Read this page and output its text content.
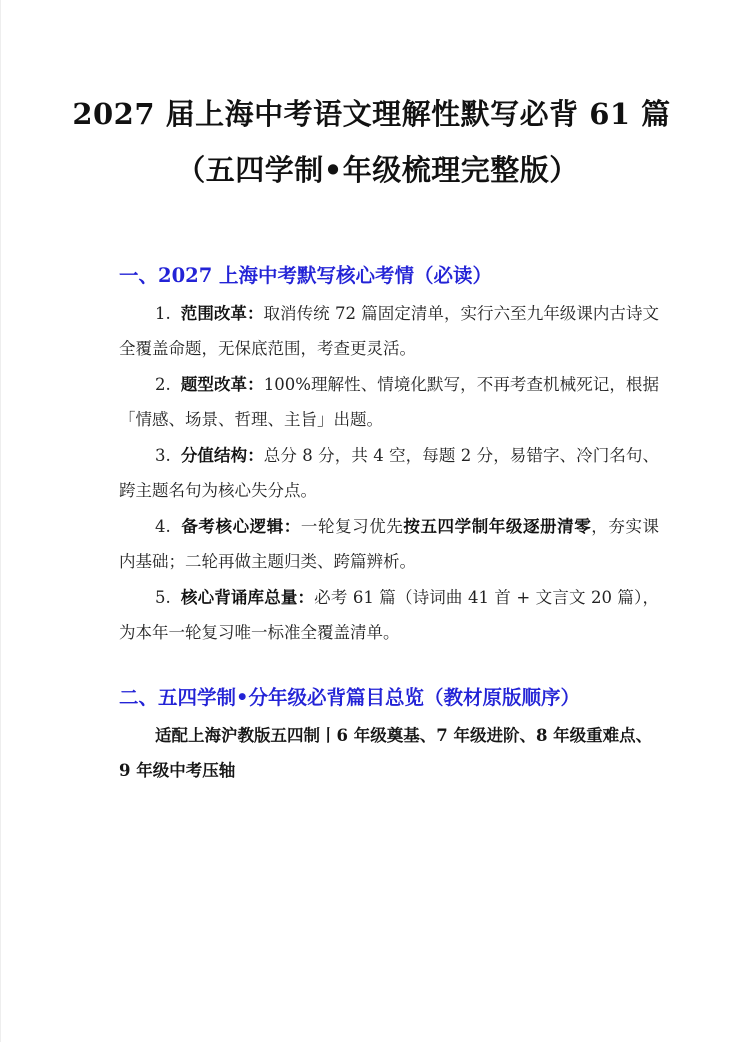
2027 届上海中考语文理解性默写必背 61 篇
（五四学制•年级梳理完整版）
一、2027 上海中考默写核心考情（必读）
1. 范围改革：取消传统 72 篇固定清单，实行六至九年级课内古诗文全覆盖命题，无保底范围，考查更灵活。
2. 题型改革：100%理解性、情境化默写，不再考查机械死记，根据「情感、场景、哲理、主旨」出题。
3. 分值结构：总分 8 分，共 4 空，每题 2 分，易错字、冷门名句、跨主题名句为核心失分点。
4. 备考核心逻辑：一轮复习优先按五四学制年级逐册清零，夯实课内基础；二轮再做主题归类、跨篇辨析。
5. 核心背诵库总量：必考 61 篇（诗词曲 41 首 + 文言文 20 篇），为本年一轮复习唯一标准全覆盖清单。
二、五四学制•分年级必背篇目总览（教材原版顺序）
适配上海沪教版五四制丨6 年级奠基、7 年级进阶、8 年级重难点、9 年级中考压轴
